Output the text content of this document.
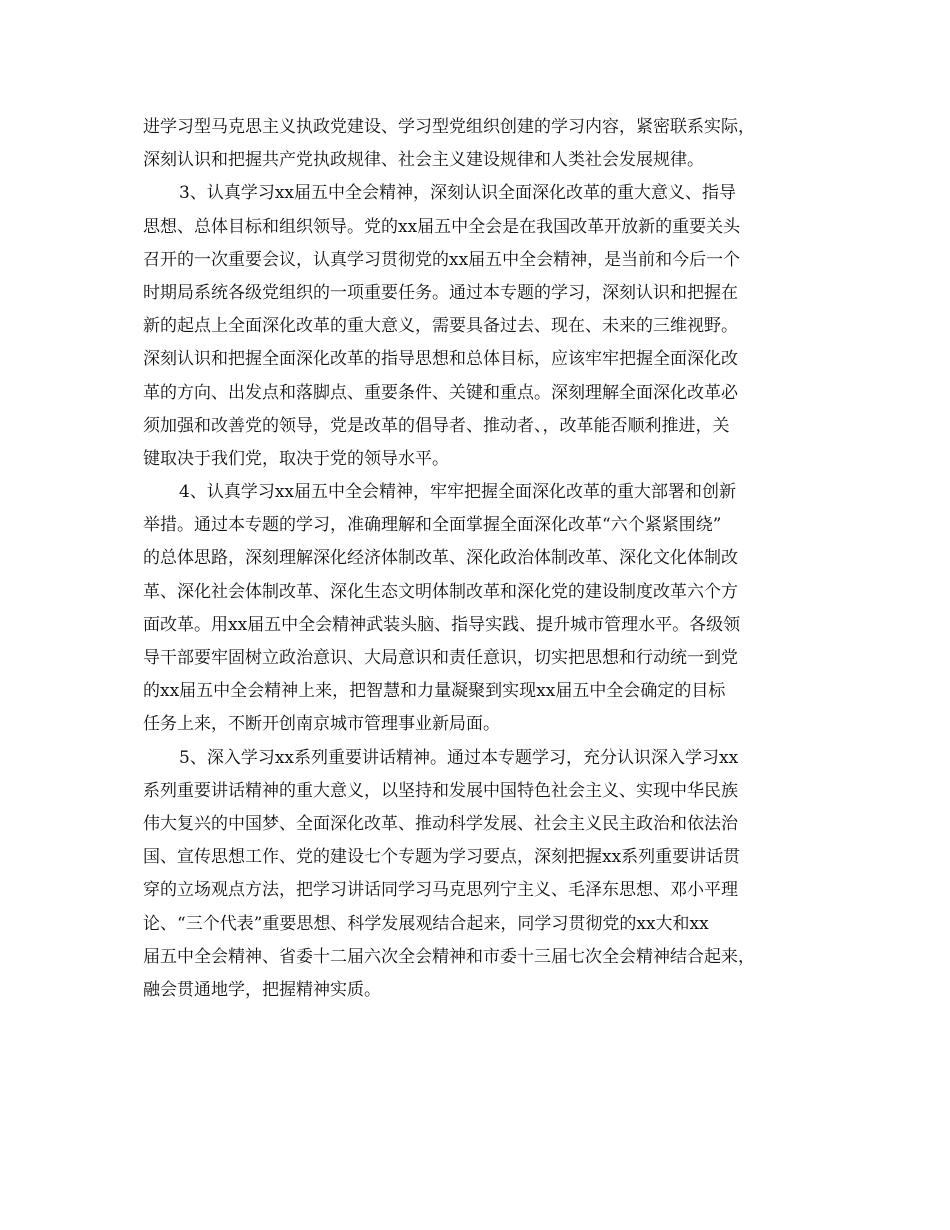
进学习型马克思主义执政党建设、学习型党组织创建的学习内容，紧密联系实际，
深刻认识和把握共产党执政规律、社会主义建设规律和人类社会发展规律。
3、认真学习xx届五中全会精神，深刻认识全面深化改革的重大意义、指导
思想、总体目标和组织领导。党的xx届五中全会是在我国改革开放新的重要关头
召开的一次重要会议，认真学习贯彻党的xx届五中全会精神，是当前和今后一个
时期局系统各级党组织的一项重要任务。通过本专题的学习，深刻认识和把握在
新的起点上全面深化改革的重大意义，需要具备过去、现在、未来的三维视野。
深刻认识和把握全面深化改革的指导思想和总体目标，应该牢牢把握全面深化改
革的方向、出发点和落脚点、重要条件、关键和重点。深刻理解全面深化改革必
须加强和改善党的领导，党是改革的倡导者、推动者、，改革能否顺利推进，关
键取决于我们党，取决于党的领导水平。
4、认真学习xx届五中全会精神，牢牢把握全面深化改革的重大部署和创新
举措。通过本专题的学习，准确理解和全面掌握全面深化改革“六个紧紧围绕”
的总体思路，深刻理解深化经济体制改革、深化政治体制改革、深化文化体制改
革、深化社会体制改革、深化生态文明体制改革和深化党的建设制度改革六个方
面改革。用xx届五中全会精神武装头脑、指导实践、提升城市管理水平。各级领
导干部要牢固树立政治意识、大局意识和责任意识，切实把思想和行动统一到党
的xx届五中全会精神上来，把智慧和力量凝聚到实现xx届五中全会确定的目标
任务上来，不断开创南京城市管理事业新局面。
5、深入学习xx系列重要讲话精神。通过本专题学习，充分认识深入学习xx
系列重要讲话精神的重大意义，以坚持和发展中国特色社会主义、实现中华民族
伟大复兴的中国梦、全面深化改革、推动科学发展、社会主义民主政治和依法治
国、宣传思想工作、党的建设七个专题为学习要点，深刻把握xx系列重要讲话贯
穿的立场观点方法，把学习讲话同学习马克思列宁主义、毛泽东思想、邓小平理
论、“三个代表”重要思想、科学发展观结合起来，同学习贯彻党的xx大和xx
届五中全会精神、省委十二届六次全会精神和市委十三届七次全会精神结合起来，
融会贯通地学，把握精神实质。
